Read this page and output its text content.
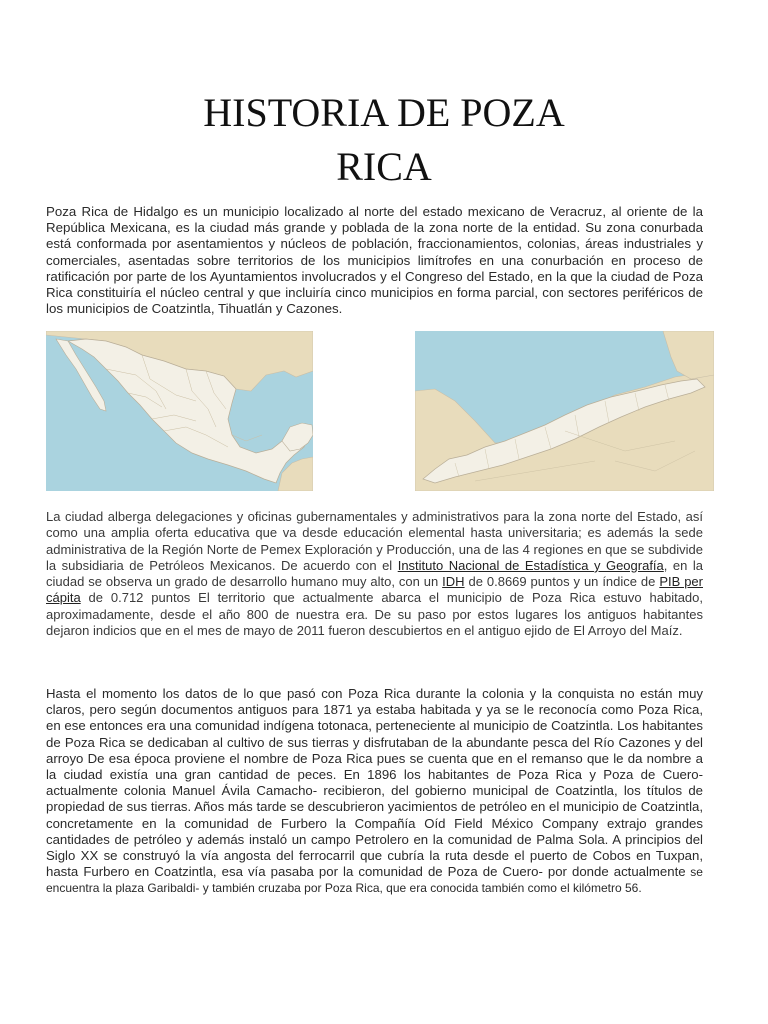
HISTORIA DE POZA
RICA

Poza Rica de Hidalgo es un municipio localizado al norte del estado mexicano de Veracruz, al oriente de la República Mexicana, es la ciudad más grande y poblada de la zona norte de la entidad. Su zona conurbada está conformada por asentamientos y núcleos de población, fraccionamientos, colonias, áreas industriales y comerciales, asentadas sobre territorios de los municipios limítrofes en una conurbación en proceso de ratificación por parte de los Ayuntamientos involucrados y el Congreso del Estado, en la que la ciudad de Poza Rica constituiría el núcleo central y que incluiría cinco municipios en forma parcial, con sectores periféricos de los municipios de Coatzintla, Tihuatlán y Cazones.

La ciudad alberga delegaciones y oficinas gubernamentales y administrativos para la zona norte del Estado, así como una amplia oferta educativa que va desde educación elemental hasta universitaria; es además la sede administrativa de la Región Norte de Pemex Exploración y Producción, una de las 4 regiones en que se subdivide la subsidiaria de Petróleos Mexicanos. De acuerdo con el Instituto Nacional de Estadística y Geografía, en la ciudad se observa un grado de desarrollo humano muy alto, con un IDH de 0.8669 puntos y un índice de PIB per cápita de 0.712 puntos El territorio que actualmente abarca el municipio de Poza Rica estuvo habitado, aproximadamente, desde el año 800 de nuestra era. De su paso por estos lugares los antiguos habitantes dejaron indicios que en el mes de mayo de 2011 fueron descubiertos en el antiguo ejido de El Arroyo del Maíz.

Hasta el momento los datos de lo que pasó con Poza Rica durante la colonia y la conquista no están muy claros, pero según documentos antiguos para 1871 ya estaba habitada y ya se le reconocía como Poza Rica, en ese entonces era una comunidad indígena totonaca, perteneciente al municipio de Coatzintla. Los habitantes de Poza Rica se dedicaban al cultivo de sus tierras y disfrutaban de la abundante pesca del Río Cazones y del arroyo De esa época proviene el nombre de Poza Rica pues se cuenta que en el remanso que le da nombre a la ciudad existía una gran cantidad de peces. En 1896 los habitantes de Poza Rica y Poza de Cuero- actualmente colonia Manuel Ávila Camacho- recibieron, del gobierno municipal de Coatzintla, los títulos de propiedad de sus tierras. Años más tarde se descubrieron yacimientos de petróleo en el municipio de Coatzintla, concretamente en la comunidad de Furbero la Compañía Oíd Field México Company extrajo grandes cantidades de petróleo y además instaló un campo Petrolero en la comunidad de Palma Sola. A principios del Siglo XX se construyó la vía angosta del ferrocarril que cubría la ruta desde el puerto de Cobos en Tuxpan, hasta Furbero en Coatzintla, esa vía pasaba por la comunidad de Poza de Cuero- por donde actualmente se encuentra la plaza Garibaldi- y también cruzaba por Poza Rica, que era conocida también como el kilómetro 56.
